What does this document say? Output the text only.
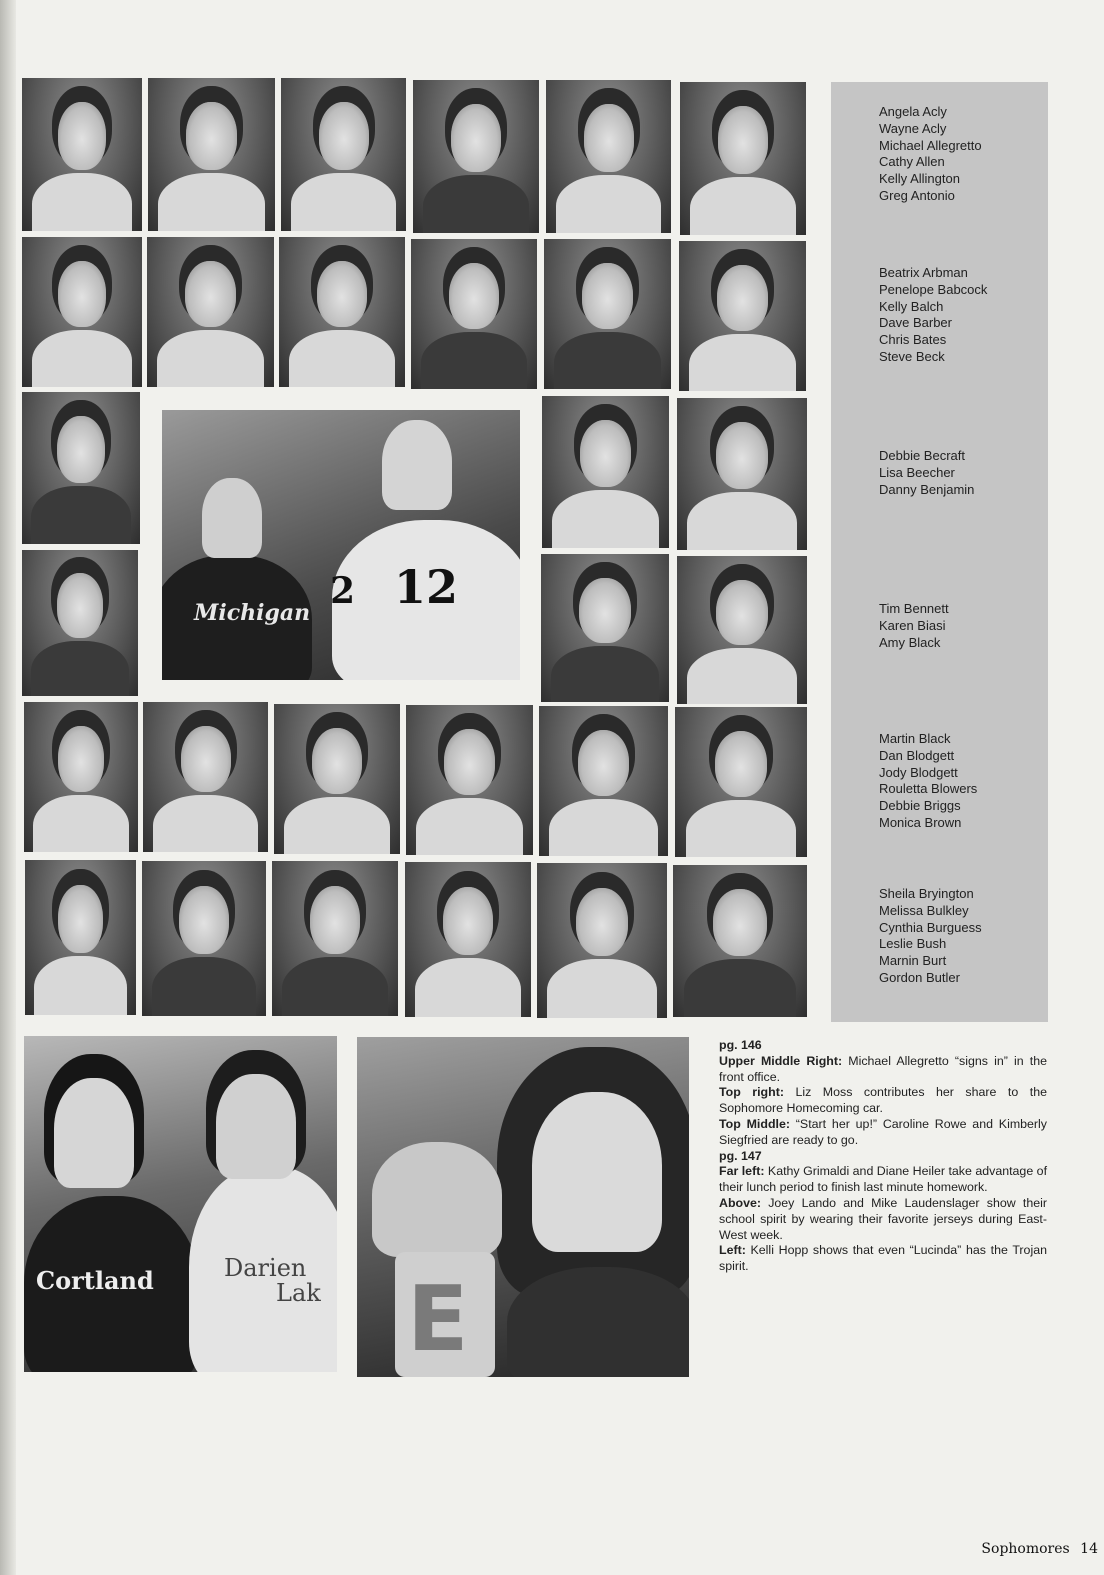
12
2
Michigan
Angela Acly
Wayne Acly
Michael Allegretto
Cathy Allen
Kelly Allington
Greg Antonio
Beatrix Arbman
Penelope Babcock
Kelly Balch
Dave Barber
Chris Bates
Steve Beck
Debbie Becraft
Lisa Beecher
Danny Benjamin
Tim Bennett
Karen Biasi
Amy Black
Martin Black
Dan Blodgett
Jody Blodgett
Rouletta Blowers
Debbie Briggs
Monica Brown
Sheila Bryington
Melissa Bulkley
Cynthia Burguess
Leslie Bush
Marnin Burt
Gordon Butler
Cortland	Darien
Lak E

pg. 146

Upper Middle Right: Michael Allegretto “signs in” in the front office.

Top right: Liz Moss contributes her share to the Sophomore Homecoming car.

Top Middle: “Start her up!” Caroline Rowe and Kimberly Siegfried are ready to go.

pg. 147

Far left: Kathy Grimaldi and Diane Heiler take advantage of their lunch period to finish last minute homework.

Above: Joey Lando and Mike Laudenslager show their school spirit by wearing their favorite jerseys during East-West week.

Left: Kelli Hopp shows that even “Lucinda” has the Trojan spirit.

Sophomores 14
